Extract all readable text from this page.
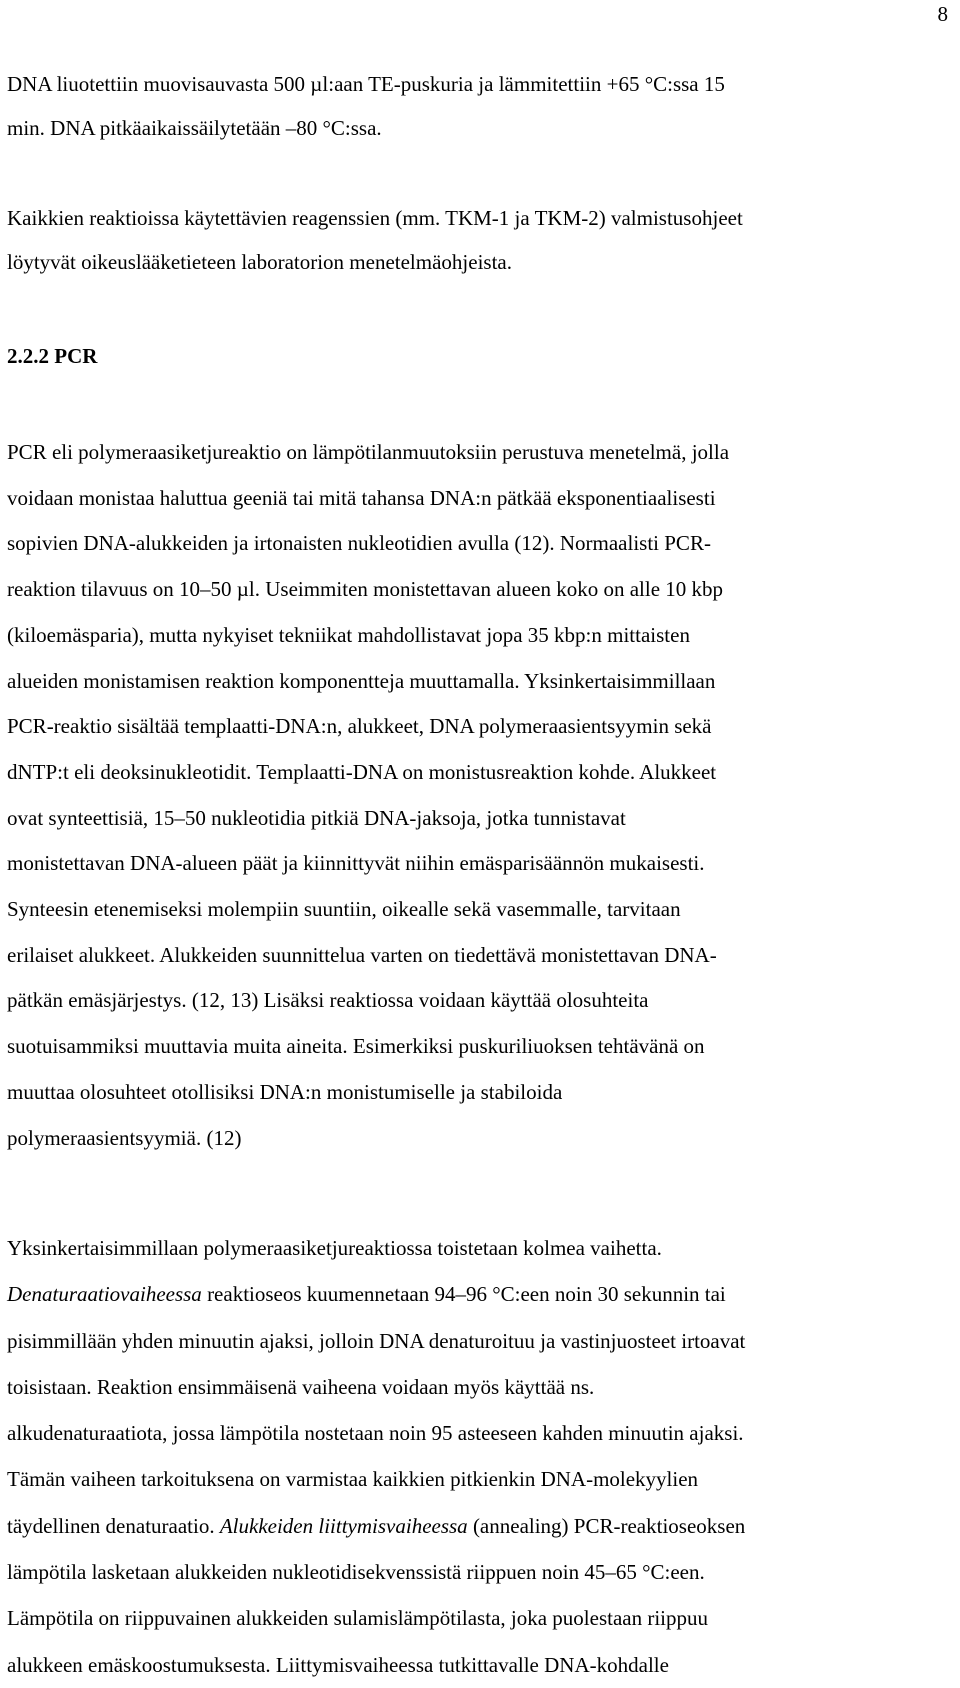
8

DNA liuotettiin muovisauvasta 500 µl:aan TE-puskuria ja lämmitettiin +65 °C:ssa 15
min. DNA pitkäaikaissäilytetään –80 °C:ssa.

Kaikkien reaktioissa käytettävien reagenssien (mm. TKM-1 ja TKM-2) valmistusohjeet
löytyvät oikeuslääketieteen laboratorion menetelmäohjeista.

2.2.2 PCR

PCR eli polymeraasiketjureaktio on lämpötilanmuutoksiin perustuva menetelmä, jolla
voidaan monistaa haluttua geeniä tai mitä tahansa DNA:n pätkää eksponentiaalisesti
sopivien DNA-alukkeiden ja irtonaisten nukleotidien avulla (12). Normaalisti PCR-
reaktion tilavuus on 10–50 µl. Useimmiten monistettavan alueen koko on alle 10 kbp
(kiloemäsparia), mutta nykyiset tekniikat mahdollistavat jopa 35 kbp:n mittaisten
alueiden monistamisen reaktion komponentteja muuttamalla. Yksinkertaisimmillaan
PCR-reaktio sisältää templaatti-DNA:n, alukkeet, DNA polymeraasientsyymin sekä
dNTP:t eli deoksinukleotidit. Templaatti-DNA on monistusreaktion kohde. Alukkeet
ovat synteettisiä, 15–50 nukleotidia pitkiä DNA-jaksoja, jotka tunnistavat
monistettavan DNA-alueen päät ja kiinnittyvät niihin emäsparisäännön mukaisesti.
Synteesin etenemiseksi molempiin suuntiin, oikealle sekä vasemmalle, tarvitaan
erilaiset alukkeet. Alukkeiden suunnittelua varten on tiedettävä monistettavan DNA-
pätkän emäsjärjestys. (12, 13) Lisäksi reaktiossa voidaan käyttää olosuhteita
suotuisammiksi muuttavia muita aineita. Esimerkiksi puskuriliuoksen tehtävänä on
muuttaa olosuhteet otollisiksi DNA:n monistumiselle ja stabiloida
polymeraasientsyymiä. (12)

Yksinkertaisimmillaan polymeraasiketjureaktiossa toistetaan kolmea vaihetta.
Denaturaatiovaiheessa reaktioseos kuumennetaan 94–96 °C:een noin 30 sekunnin tai
pisimmillään yhden minuutin ajaksi, jolloin DNA denaturoituu ja vastinjuosteet irtoavat
toisistaan. Reaktion ensimmäisenä vaiheena voidaan myös käyttää ns.
alkudenaturaatiota, jossa lämpötila nostetaan noin 95 asteeseen kahden minuutin ajaksi.
Tämän vaiheen tarkoituksena on varmistaa kaikkien pitkienkin DNA-molekyylien
täydellinen denaturaatio. Alukkeiden liittymisvaiheessa (annealing) PCR-reaktioseoksen
lämpötila lasketaan alukkeiden nukleotidisekvenssistä riippuen noin 45–65 °C:een.
Lämpötila on riippuvainen alukkeiden sulamislämpötilasta, joka puolestaan riippuu
alukkeen emäskoostumuksesta. Liittymisvaiheessa tutkittavalle DNA-kohdalle
